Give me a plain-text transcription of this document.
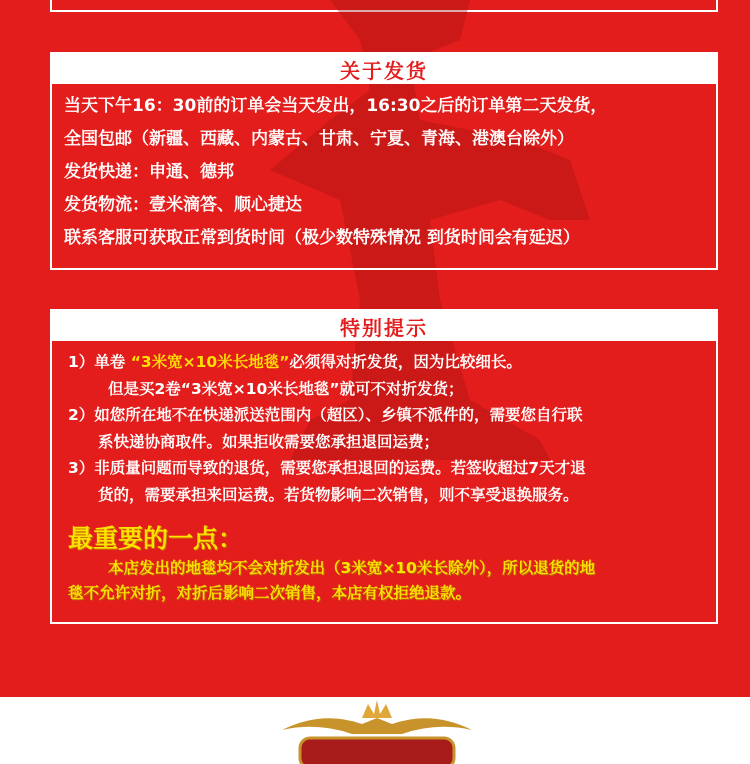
关于发货
当天下午16：30前的订单会当天发出，16:30之后的订单第二天发货，
全国包邮（新疆、西藏、内蒙古、甘肃、宁夏、青海、港澳台除外）
发货快递：申通、德邦
发货物流：壹米滴答、顺心捷达
联系客服可获取正常到货时间（极少数特殊情况 到货时间会有延迟）
特别提示
1）单卷 “3米宽×10米长地毯”必须得对折发货，因为比较细长。
但是买2卷“3米宽×10米长地毯”就可不对折发货；
2）如您所在地不在快递派送范围内（超区）、乡镇不派件的，需要您自行联
系快递协商取件。如果拒收需要您承担退回运费；
3）非质量问题而导致的退货，需要您承担退回的运费。若签收超过7天才退
货的，需要承担来回运费。若货物影响二次销售，则不享受退换服务。
最重要的一点：
本店发出的地毯均不会对折发出（3米宽×10米长除外），所以退货的地
毯不允许对折，对折后影响二次销售，本店有权拒绝退款。
